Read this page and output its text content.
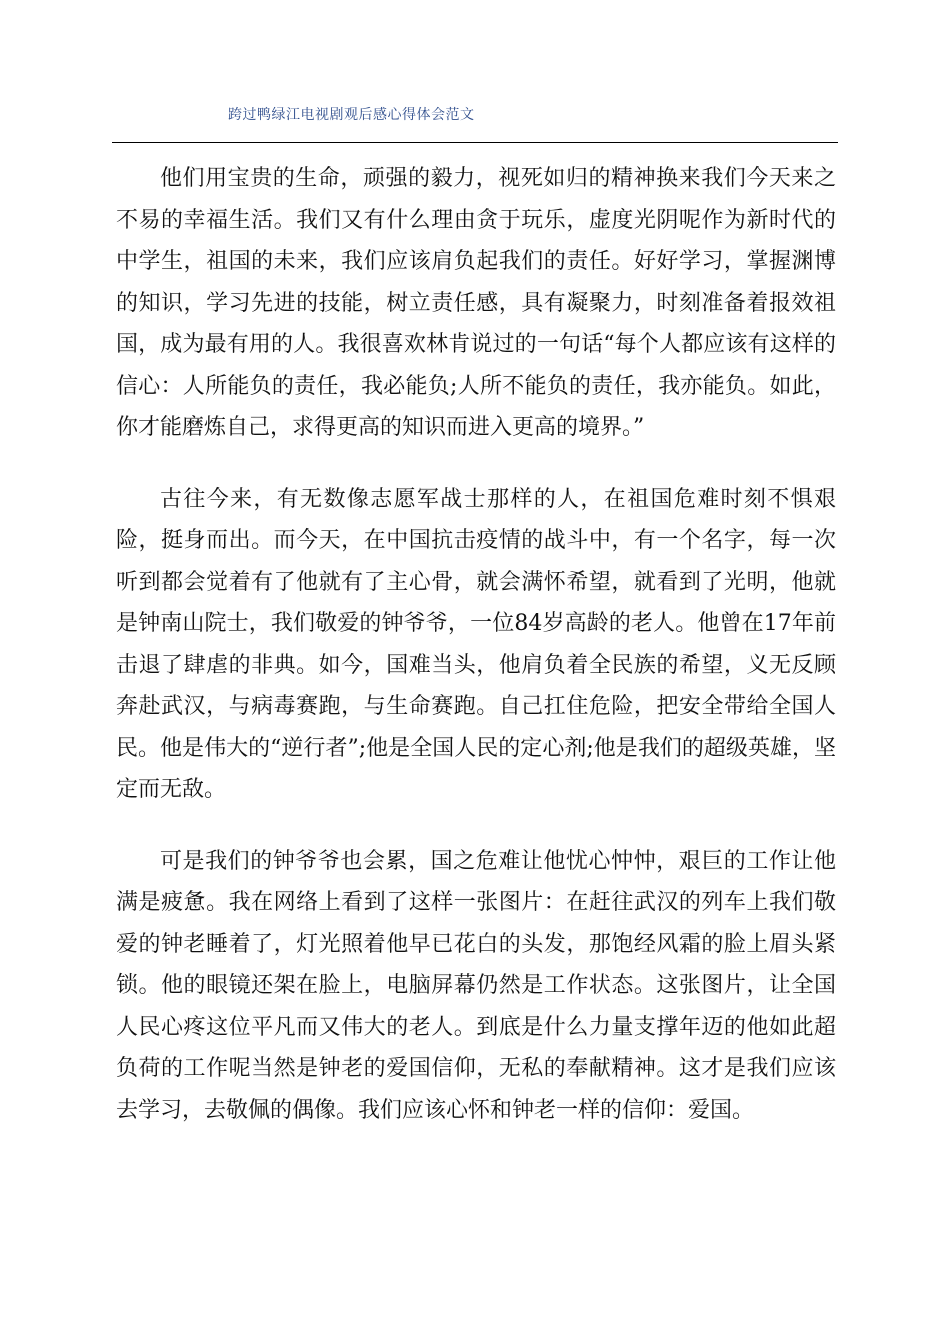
跨过鸭绿江电视剧观后感心得体会范文

他们用宝贵的生命，顽强的毅力，视死如归的精神换来我们今天来之不易的幸福生活。我们又有什么理由贪于玩乐，虚度光阴呢作为新时代的中学生，祖国的未来，我们应该肩负起我们的责任。好好学习，掌握渊博的知识，学习先进的技能，树立责任感，具有凝聚力，时刻准备着报效祖国，成为最有用的人。我很喜欢林肯说过的一句话“每个人都应该有这样的信心：人所能负的责任，我必能负;人所不能负的责任，我亦能负。如此，你才能磨炼自己，求得更高的知识而进入更高的境界。”

古往今来，有无数像志愿军战士那样的人，在祖国危难时刻不惧艰险，挺身而出。而今天，在中国抗击疫情的战斗中，有一个名字，每一次听到都会觉着有了他就有了主心骨，就会满怀希望，就看到了光明，他就是钟南山院士，我们敬爱的钟爷爷，一位84岁高龄的老人。他曾在17年前击退了肆虐的非典。如今，国难当头，他肩负着全民族的希望，义无反顾奔赴武汉，与病毒赛跑，与生命赛跑。自己扛住危险，把安全带给全国人民。他是伟大的“逆行者”;他是全国人民的定心剂;他是我们的超级英雄，坚定而无敌。

可是我们的钟爷爷也会累，国之危难让他忧心忡忡，艰巨的工作让他满是疲惫。我在网络上看到了这样一张图片：在赶往武汉的列车上我们敬爱的钟老睡着了，灯光照着他早已花白的头发，那饱经风霜的脸上眉头紧锁。他的眼镜还架在脸上，电脑屏幕仍然是工作状态。这张图片，让全国人民心疼这位平凡而又伟大的老人。到底是什么力量支撑年迈的他如此超负荷的工作呢当然是钟老的爱国信仰，无私的奉献精神。这才是我们应该去学习，去敬佩的偶像。我们应该心怀和钟老一样的信仰：爱国。
